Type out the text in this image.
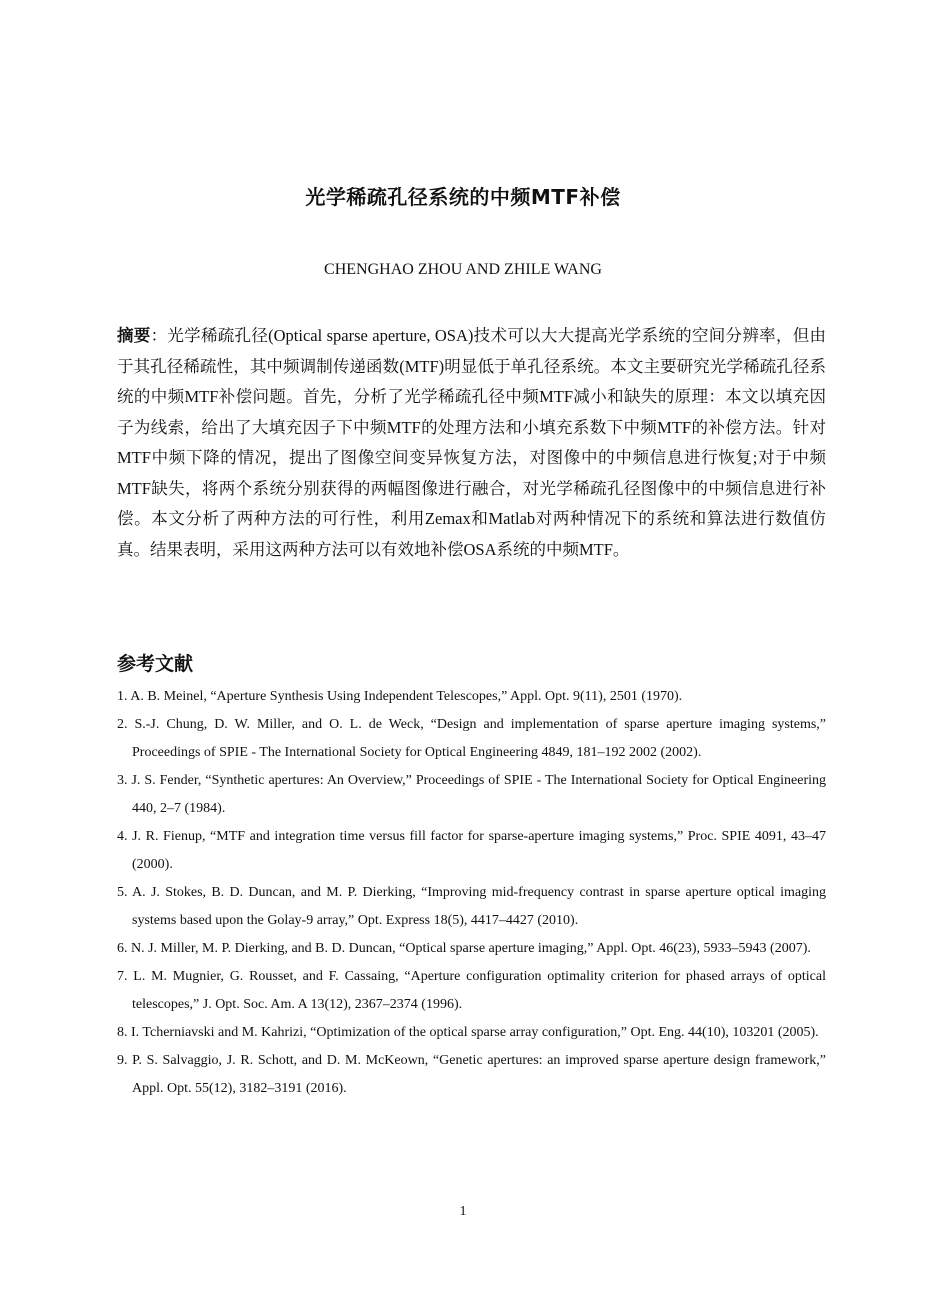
光学稀疏孔径系统的中频MTF补偿
CHENGHAO ZHOU AND ZHILE WANG
摘要：光学稀疏孔径(Optical sparse aperture, OSA)技术可以大大提高光学系统的空间分辨率，但由于其孔径稀疏性，其中频调制传递函数(MTF)明显低于单孔径系统。本文主要研究光学稀疏孔径系统的中频MTF补偿问题。首先，分析了光学稀疏孔径中频MTF减小和缺失的原理：本文以填充因子为线索，给出了大填充因子下中频MTF的处理方法和小填充系数下中频MTF的补偿方法。针对MTF中频下降的情况，提出了图像空间变异恢复方法，对图像中的中频信息进行恢复;对于中频MTF缺失，将两个系统分别获得的两幅图像进行融合，对光学稀疏孔径图像中的中频信息进行补偿。本文分析了两种方法的可行性，利用Zemax和Matlab对两种情况下的系统和算法进行数值仿真。结果表明，采用这两种方法可以有效地补偿OSA系统的中频MTF。
参考文献
1. A. B. Meinel, “Aperture Synthesis Using Independent Telescopes,” Appl. Opt. 9(11), 2501 (1970).
2. S.-J. Chung, D. W. Miller, and O. L. de Weck, “Design and implementation of sparse aperture imaging systems,” Proceedings of SPIE - The International Society for Optical Engineering 4849, 181–192 2002 (2002).
3. J. S. Fender, “Synthetic apertures: An Overview,” Proceedings of SPIE - The International Society for Optical Engineering 440, 2–7 (1984).
4. J. R. Fienup, “MTF and integration time versus fill factor for sparse-aperture imaging systems,” Proc. SPIE 4091, 43–47 (2000).
5. A. J. Stokes, B. D. Duncan, and M. P. Dierking, “Improving mid-frequency contrast in sparse aperture optical imaging systems based upon the Golay-9 array,” Opt. Express 18(5), 4417–4427 (2010).
6. N. J. Miller, M. P. Dierking, and B. D. Duncan, “Optical sparse aperture imaging,” Appl. Opt. 46(23), 5933–5943 (2007).
7. L. M. Mugnier, G. Rousset, and F. Cassaing, “Aperture configuration optimality criterion for phased arrays of optical telescopes,” J. Opt. Soc. Am. A 13(12), 2367–2374 (1996).
8. I. Tcherniavski and M. Kahrizi, “Optimization of the optical sparse array configuration,” Opt. Eng. 44(10), 103201 (2005).
9. P. S. Salvaggio, J. R. Schott, and D. M. McKeown, “Genetic apertures: an improved sparse aperture design framework,” Appl. Opt. 55(12), 3182–3191 (2016).
1
